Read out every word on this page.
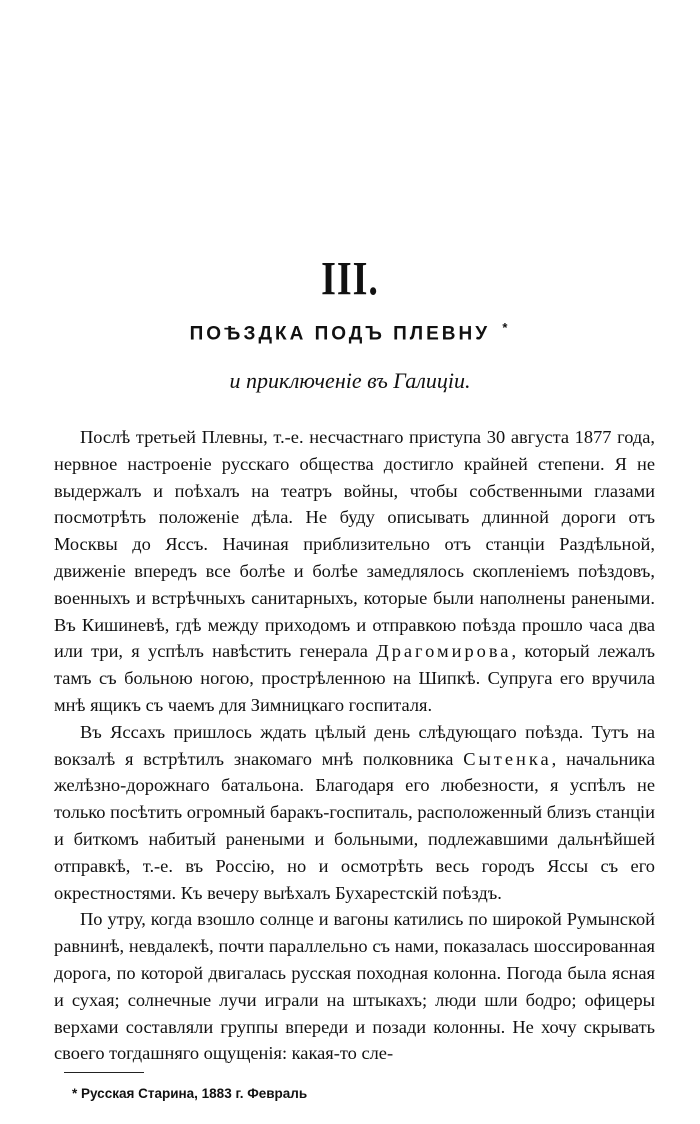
III.
ПОѢЗДКА ПОДЪ ПЛЕВНУ *
и приключенiе въ Галицiи.

Послѣ третьей Плевны, т.-е. несчастнаго приступа 30 августа 1877 года, нервное настроенiе русскаго общества достигло крайней степени. Я не выдержалъ и поѣхалъ на театръ войны, чтобы собственными глазами посмотрѣть положенiе дѣла. Не буду описывать длинной дороги отъ Москвы до Яссъ. Начиная приблизительно отъ станцiи Раздѣльной, движенiе впередъ все болѣе и болѣе замедлялось скопленiемъ поѣздовъ, военныхъ и встрѣчныхъ санитарныхъ, которые были наполнены ранеными. Въ Кишиневѣ, гдѣ между приходомъ и отправкою поѣзда прошло часа два или три, я успѣлъ навѣстить генерала Драгомирова, который лежалъ тамъ съ больною ногою, прострѣленною на Шипкѣ. Супруга его вручила мнѣ ящикъ съ чаемъ для Зимницкаго госпиталя.

Въ Яссахъ пришлось ждать цѣлый день слѣдующаго поѣзда. Тутъ на вокзалѣ я встрѣтилъ знакомаго мнѣ полковника Сытенка, начальника желѣзно-дорожнаго батальона. Благодаря его любезности, я успѣлъ не только посѣтить огромный баракъ-госпиталь, расположенный близъ станцiи и биткомъ набитый ранеными и больными, подлежавшими дальнѣйшей отправкѣ, т.-е. въ Россiю, но и осмотрѣть весь городъ Яссы съ его окрестностями. Къ вечеру выѣхалъ Бухарестскiй поѣздъ.

По утру, когда взошло солнце и вагоны катились по широкой Румынской равнинѣ, невдалекѣ, почти параллельно съ нами, показалась шоссированная дорога, по которой двигалась русская походная колонна. Погода была ясная и сухая; солнечные лучи играли на штыкахъ; люди шли бодро; офицеры верхами составляли группы впереди и позади колонны. Не хочу скрывать своего тогдашняго ощущенiя: какая-то сле-

* Русская Старина, 1883 г. Февраль
